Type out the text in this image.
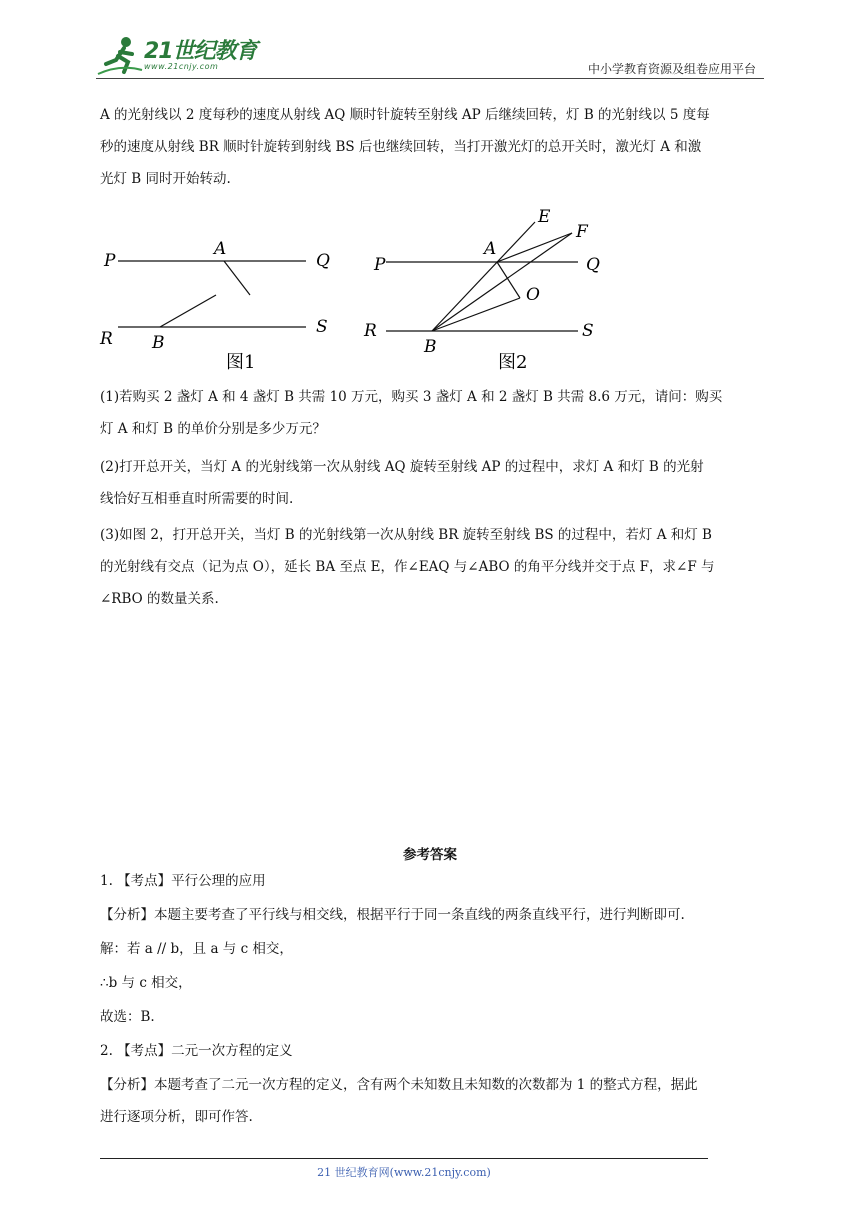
21世纪教育
www.21cnjy.com	中小学教育资源及组卷应用平台

A 的光射线以 2 度每秒的速度从射线 AQ 顺时针旋转至射线 AP 后继续回转，灯 B 的光射线以 5 度每

秒的速度从射线 BR 顺时针旋转到射线 BS 后也继续回转，当打开激光灯的总开关时，激光灯 A 和激

光灯 B 同时开始转动.

P
A
Q
R B
S
图1
P
A
Q
E
F
O
R
B
S
图2

(1)若购买 2 盏灯 A 和 4 盏灯 B 共需 10 万元，购买 3 盏灯 A 和 2 盏灯 B 共需 8.6 万元，请问：购买

灯 A 和灯 B 的单价分别是多少万元？

(2)打开总开关，当灯 A 的光射线第一次从射线 AQ 旋转至射线 AP 的过程中，求灯 A 和灯 B 的光射

线恰好互相垂直时所需要的时间.

(3)如图 2，打开总开关，当灯 B 的光射线第一次从射线 BR 旋转至射线 BS 的过程中，若灯 A 和灯 B

的光射线有交点（记为点 O），延长 BA 至点 E，作∠EAQ 与∠ABO 的角平分线并交于点 F，求∠F 与

∠RBO 的数量关系.

参考答案

1. 【考点】平行公理的应用

【分析】本题主要考查了平行线与相交线，根据平行于同一条直线的两条直线平行，进行判断即可.

解：若 a // b，且 a 与 c 相交，

∴b 与 c 相交，

故选：B.

2. 【考点】二元一次方程的定义

【分析】本题考查了二元一次方程的定义，含有两个未知数且未知数的次数都为 1 的整式方程，据此

进行逐项分析，即可作答.

21 世纪教育网(www.21cnjy.com)
